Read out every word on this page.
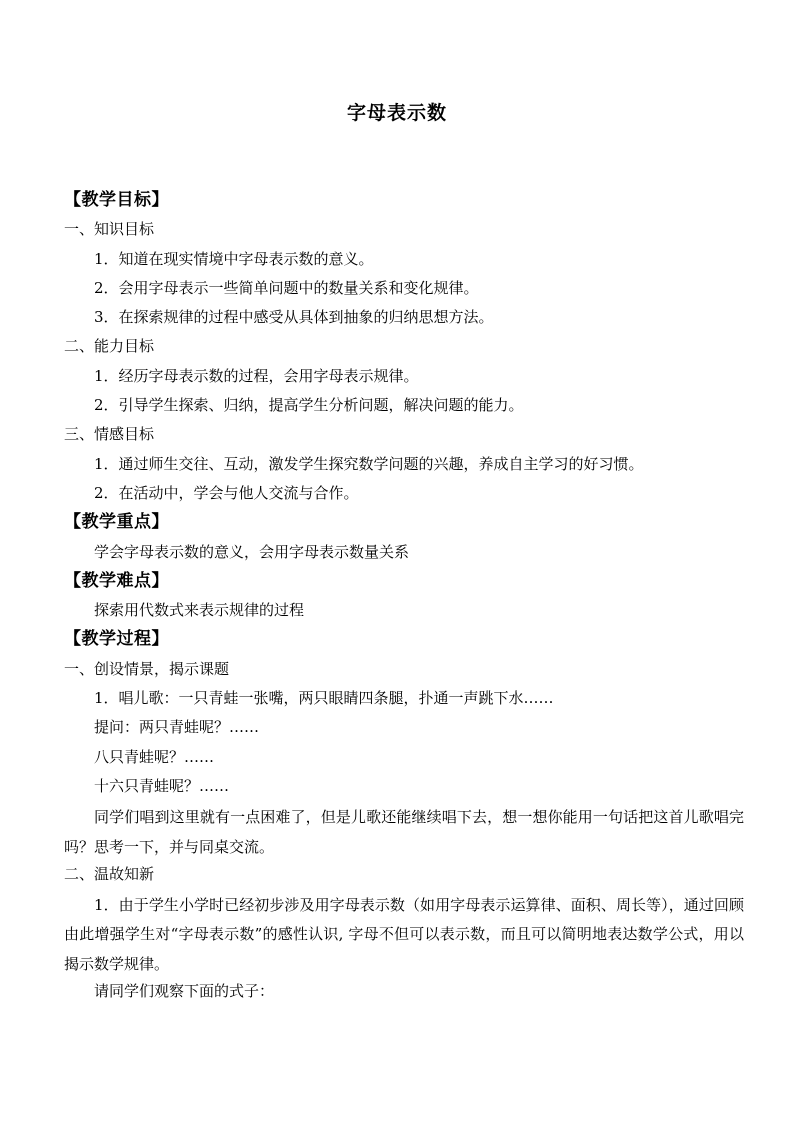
字母表示数
【教学目标】
一、知识目标
1．知道在现实情境中字母表示数的意义。
2．会用字母表示一些简单问题中的数量关系和变化规律。
3．在探索规律的过程中感受从具体到抽象的归纳思想方法。
二、能力目标
1．经历字母表示数的过程，会用字母表示规律。
2．引导学生探索、归纳，提高学生分析问题，解决问题的能力。
三、情感目标
1．通过师生交往、互动，激发学生探究数学问题的兴趣，养成自主学习的好习惯。
2．在活动中，学会与他人交流与合作。
【教学重点】
学会字母表示数的意义，会用字母表示数量关系
【教学难点】
探索用代数式来表示规律的过程
【教学过程】
一、创设情景，揭示课题
1．唱儿歌：一只青蛙一张嘴，两只眼睛四条腿，扑通一声跳下水……
提问：两只青蛙呢？……
八只青蛙呢？……
十六只青蛙呢？……
同学们唱到这里就有一点困难了，但是儿歌还能继续唱下去，想一想你能用一句话把这首儿歌唱完吗？思考一下，并与同桌交流。
二、温故知新
1．由于学生小学时已经初步涉及用字母表示数（如用字母表示运算律、面积、周长等），通过回顾由此增强学生对“字母表示数”的感性认识, 字母不但可以表示数，而且可以简明地表达数学公式，用以揭示数学规律。
请同学们观察下面的式子：
